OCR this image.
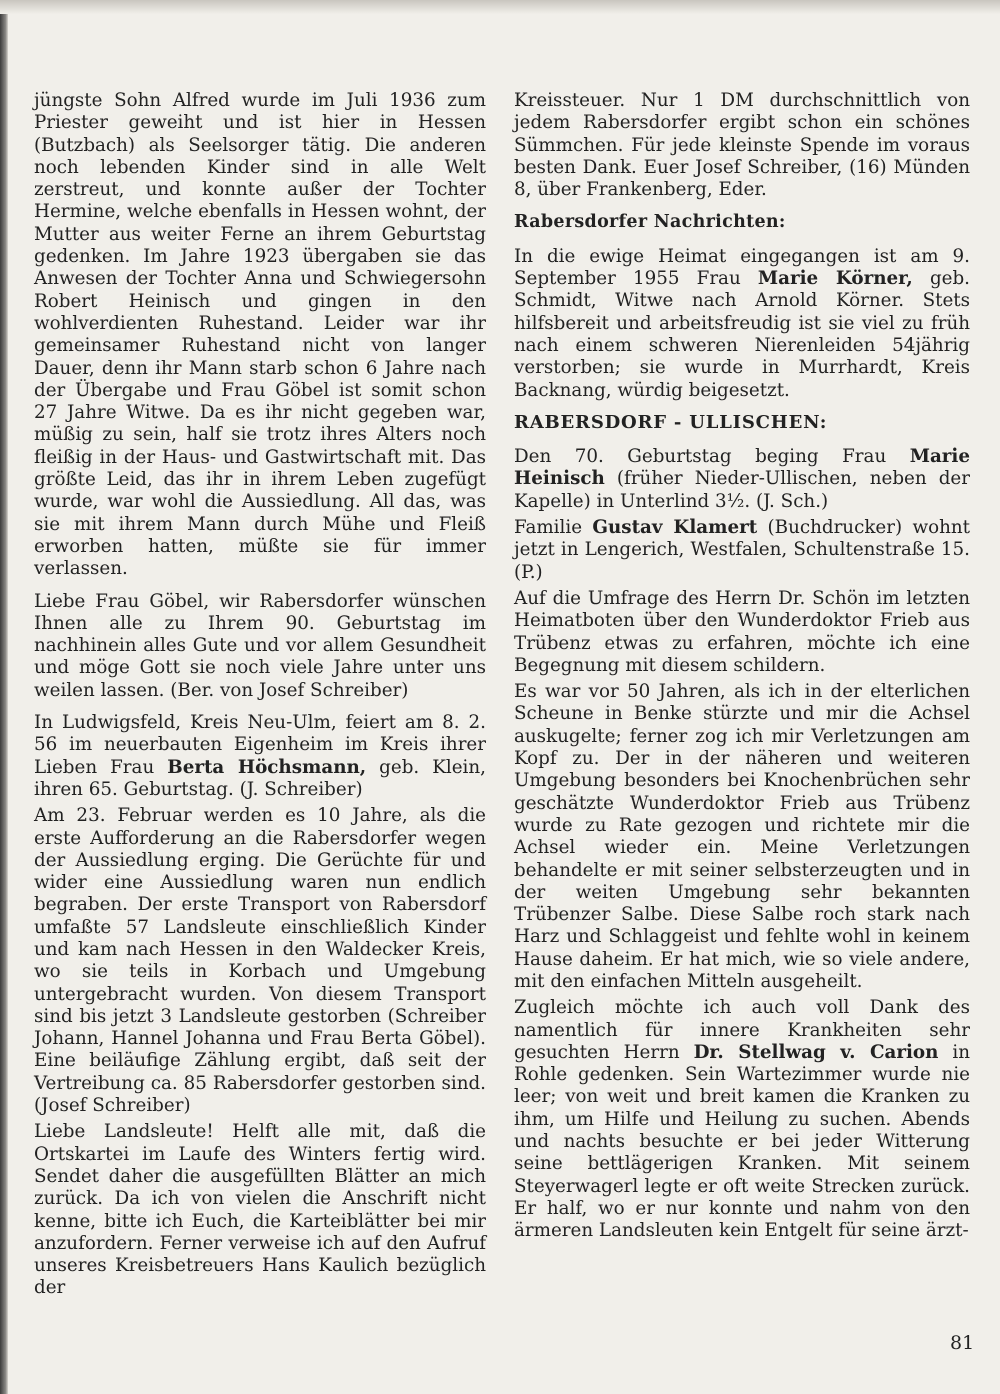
jüngste Sohn Alfred wurde im Juli 1936 zum Priester geweiht und ist hier in Hessen (Butzbach) als Seelsorger tätig. Die anderen noch lebenden Kinder sind in alle Welt zerstreut, und konnte außer der Tochter Hermine, welche ebenfalls in Hessen wohnt, der Mutter aus weiter Ferne an ihrem Geburtstag gedenken. Im Jahre 1923 übergaben sie das Anwesen der Tochter Anna und Schwiegersohn Robert Heinisch und gingen in den wohlverdienten Ruhestand. Leider war ihr gemeinsamer Ruhestand nicht von langer Dauer, denn ihr Mann starb schon 6 Jahre nach der Übergabe und Frau Göbel ist somit schon 27 Jahre Witwe. Da es ihr nicht gegeben war, müßig zu sein, half sie trotz ihres Alters noch fleißig in der Haus- und Gastwirtschaft mit. Das größte Leid, das ihr in ihrem Leben zugefügt wurde, war wohl die Aussiedlung. All das, was sie mit ihrem Mann durch Mühe und Fleiß erworben hatten, müßte sie für immer verlassen.

Liebe Frau Göbel, wir Rabersdorfer wünschen Ihnen alle zu Ihrem 90. Geburtstag im nachhinein alles Gute und vor allem Gesundheit und möge Gott sie noch viele Jahre unter uns weilen lassen. (Ber. von Josef Schreiber)

In Ludwigsfeld, Kreis Neu-Ulm, feiert am 8. 2. 56 im neuerbauten Eigenheim im Kreis ihrer Lieben Frau Berta Höchsmann, geb. Klein, ihren 65. Geburtstag. (J. Schreiber)

Am 23. Februar werden es 10 Jahre, als die erste Aufforderung an die Rabersdorfer wegen der Aussiedlung erging. Die Gerüchte für und wider eine Aussiedlung waren nun endlich begraben. Der erste Transport von Rabersdorf umfaßte 57 Landsleute einschließlich Kinder und kam nach Hessen in den Waldecker Kreis, wo sie teils in Korbach und Umgebung untergebracht wurden. Von diesem Transport sind bis jetzt 3 Landsleute gestorben (Schreiber Johann, Hannel Johanna und Frau Berta Göbel). Eine beiläufige Zählung ergibt, daß seit der Vertreibung ca. 85 Rabersdorfer gestorben sind. (Josef Schreiber)

Liebe Landsleute! Helft alle mit, daß die Ortskartei im Laufe des Winters fertig wird. Sendet daher die ausgefüllten Blätter an mich zurück. Da ich von vielen die Anschrift nicht kenne, bitte ich Euch, die Karteiblätter bei mir anzufordern. Ferner verweise ich auf den Aufruf unseres Kreisbetreuers Hans Kaulich bezüglich der

Kreissteuer. Nur 1 DM durchschnittlich von jedem Rabersdorfer ergibt schon ein schönes Sümmchen. Für jede kleinste Spende im voraus besten Dank. Euer Josef Schreiber, (16) Münden 8, über Frankenberg, Eder.

Rabersdorfer Nachrichten:

In die ewige Heimat eingegangen ist am 9. September 1955 Frau Marie Körner, geb. Schmidt, Witwe nach Arnold Körner. Stets hilfsbereit und arbeitsfreudig ist sie viel zu früh nach einem schweren Nierenleiden 54jährig verstorben; sie wurde in Murrhardt, Kreis Backnang, würdig beigesetzt.

RABERSDORF - ULLISCHEN:

Den 70. Geburtstag beging Frau Marie Heinisch (früher Nieder-Ullischen, neben der Kapelle) in Unterlind 3½. (J. Sch.)

Familie Gustav Klamert (Buchdrucker) wohnt jetzt in Lengerich, Westfalen, Schultenstraße 15. (P.)

Auf die Umfrage des Herrn Dr. Schön im letzten Heimatboten über den Wunderdoktor Frieb aus Trübenz etwas zu erfahren, möchte ich eine Begegnung mit diesem schildern.

Es war vor 50 Jahren, als ich in der elterlichen Scheune in Benke stürzte und mir die Achsel auskugelte; ferner zog ich mir Verletzungen am Kopf zu. Der in der näheren und weiteren Umgebung besonders bei Knochenbrüchen sehr geschätzte Wunderdoktor Frieb aus Trübenz wurde zu Rate gezogen und richtete mir die Achsel wieder ein. Meine Verletzungen behandelte er mit seiner selbsterzeugten und in der weiten Umgebung sehr bekannten Trübenzer Salbe. Diese Salbe roch stark nach Harz und Schlaggeist und fehlte wohl in keinem Hause daheim. Er hat mich, wie so viele andere, mit den einfachen Mitteln ausgeheilt.

Zugleich möchte ich auch voll Dank des namentlich für innere Krankheiten sehr gesuchten Herrn Dr. Stellwag v. Carion in Rohle gedenken. Sein Wartezimmer wurde nie leer; von weit und breit kamen die Kranken zu ihm, um Hilfe und Heilung zu suchen. Abends und nachts besuchte er bei jeder Witterung seine bettlägerigen Kranken. Mit seinem Steyerwagerl legte er oft weite Strecken zurück. Er half, wo er nur konnte und nahm von den ärmeren Landsleuten kein Entgelt für seine ärzt-

81
